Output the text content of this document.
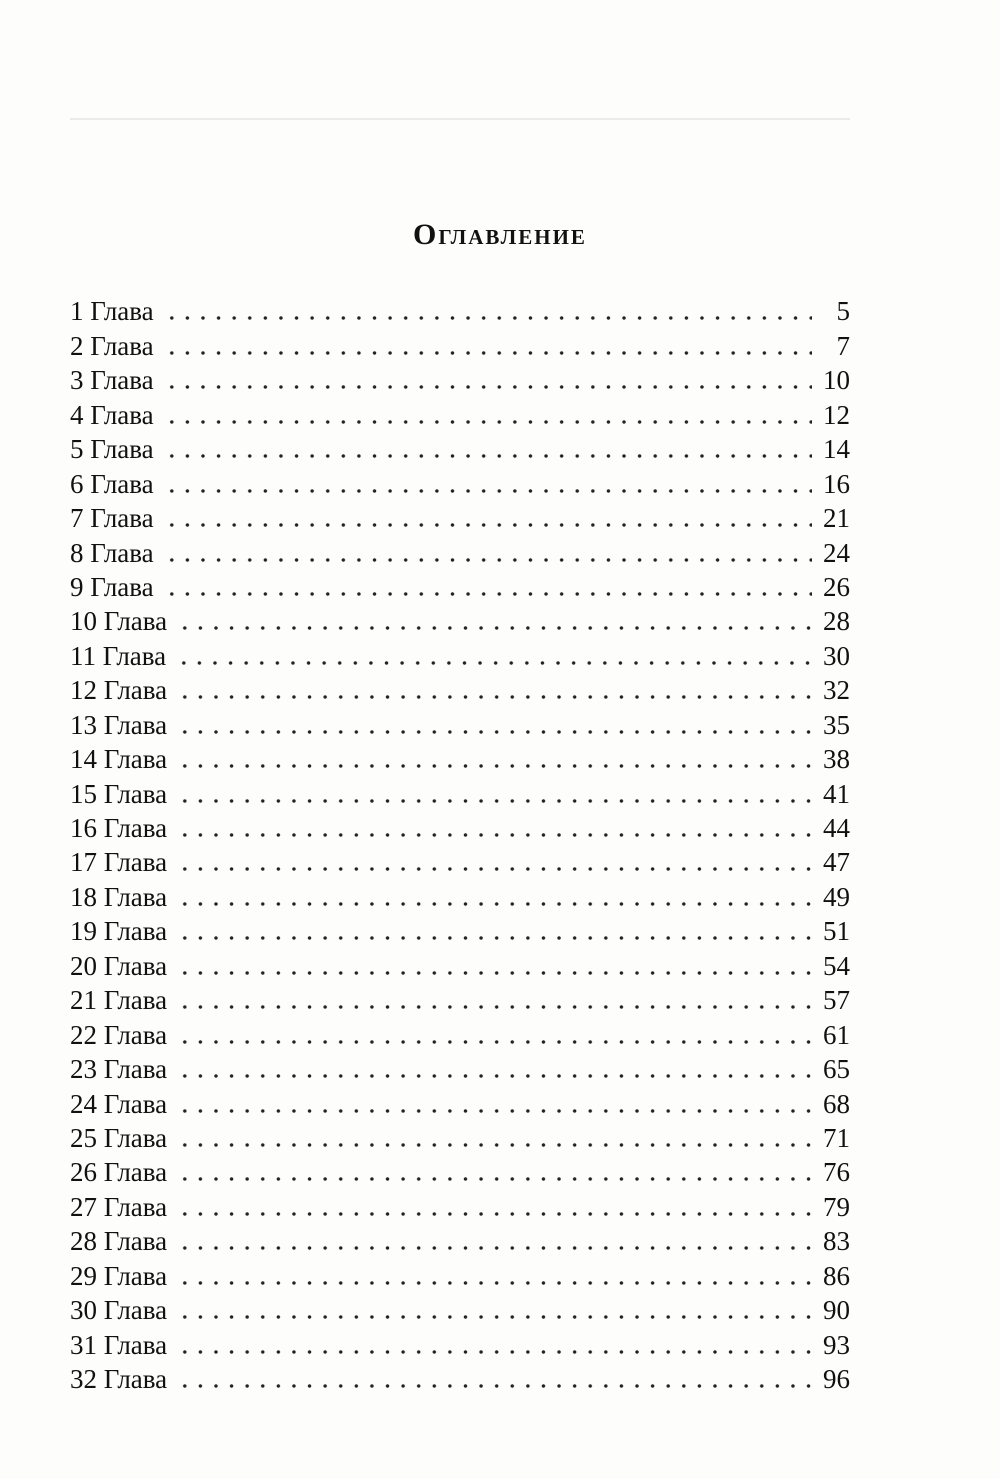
Оглавление
1 Глава	5
2 Глава	7
3 Глава	10
4 Глава	12
5 Глава	14
6 Глава	16
7 Глава	21
8 Глава	24
9 Глава	26
10 Глава	28
11 Глава	30
12 Глава	32
13 Глава	35
14 Глава	38
15 Глава	41
16 Глава	44
17 Глава	47
18 Глава	49
19 Глава	51
20 Глава	54
21 Глава	57
22 Глава	61
23 Глава	65
24 Глава	68
25 Глава	71
26 Глава	76
27 Глава	79
28 Глава	83
29 Глава	86
30 Глава	90
31 Глава	93
32 Глава	96
